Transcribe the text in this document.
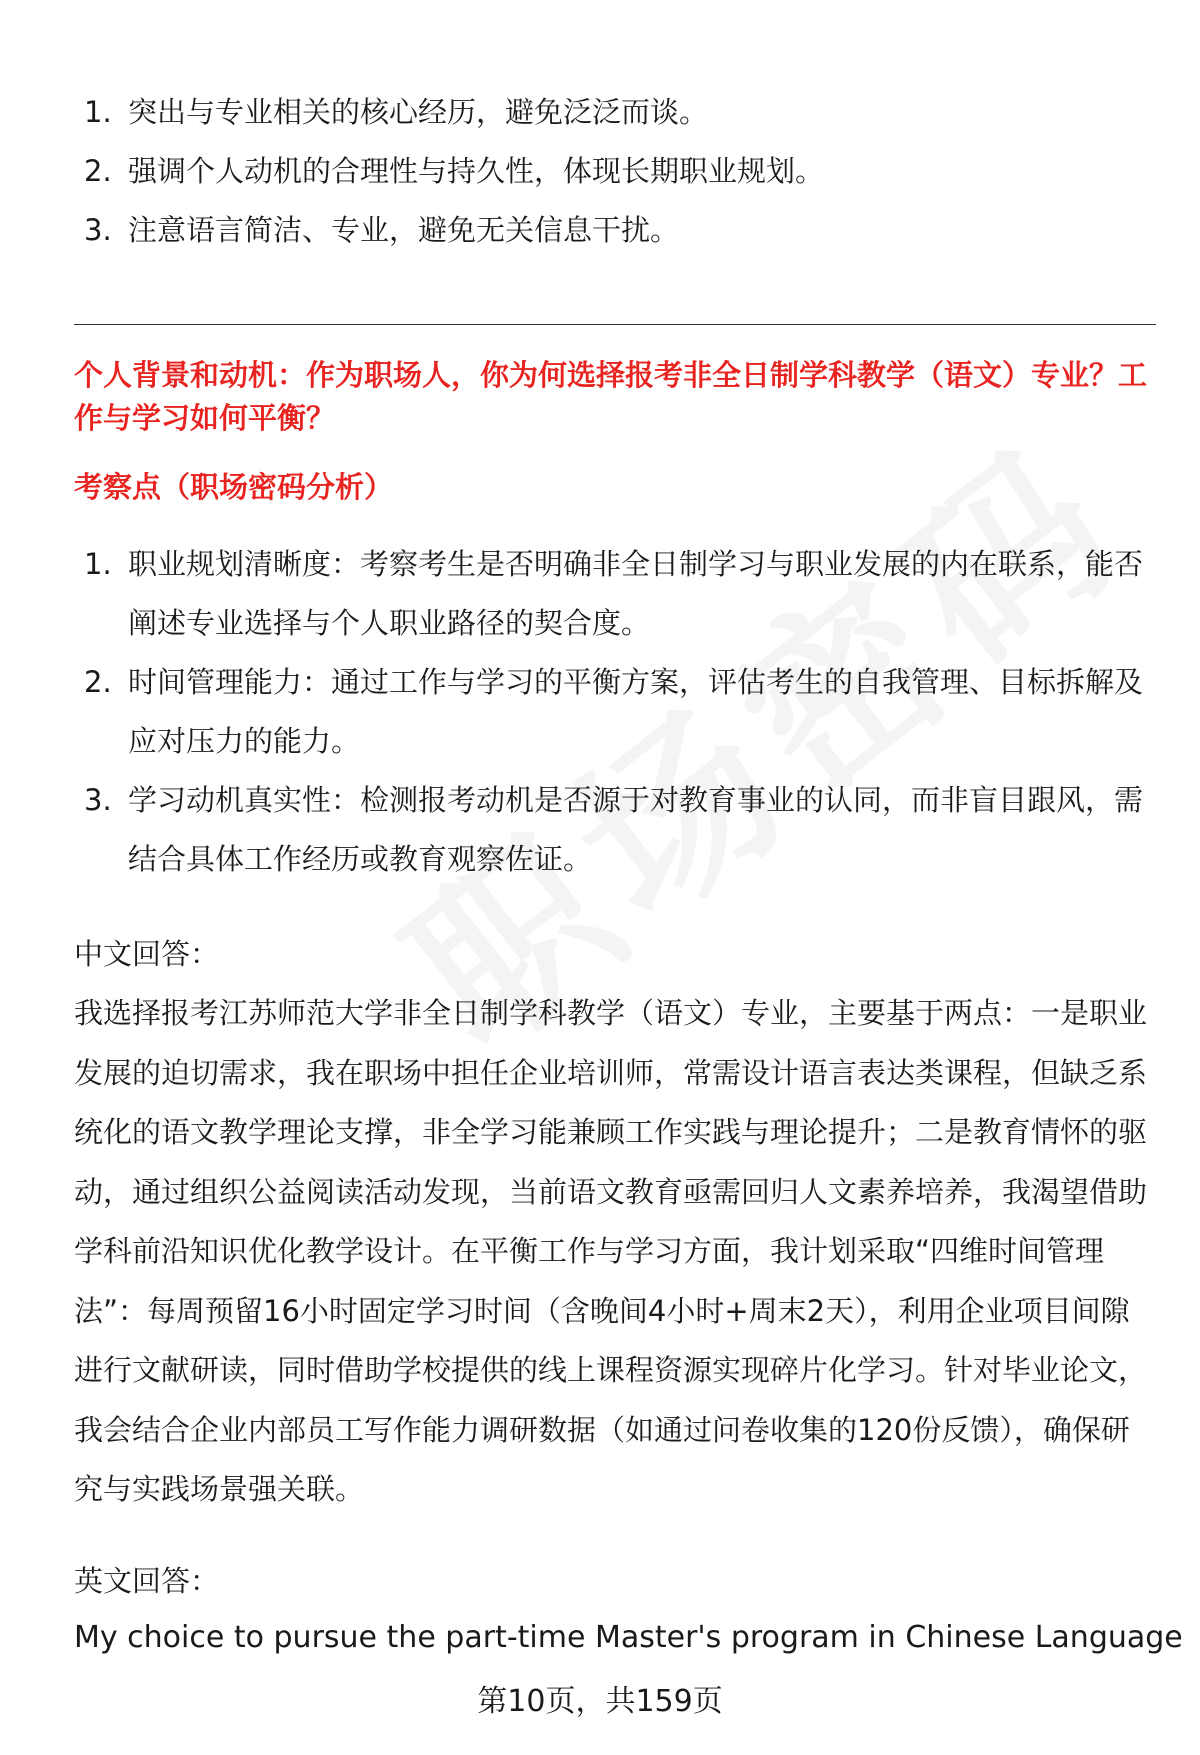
1. 突出与专业相关的核心经历，避免泛泛而谈。
2. 强调个人动机的合理性与持久性，体现长期职业规划。
3. 注意语言简洁、专业，避免无关信息干扰。

个人背景和动机：作为职场人，你为何选择报考非全日制学科教学（语文）专业？工作与学习如何平衡？

考察点（职场密码分析）

1. 职业规划清晰度：考察考生是否明确非全日制学习与职业发展的内在联系，能否阐述专业选择与个人职业路径的契合度。
2. 时间管理能力：通过工作与学习的平衡方案，评估考生的自我管理、目标拆解及应对压力的能力。
3. 学习动机真实性：检测报考动机是否源于对教育事业的认同，而非盲目跟风，需结合具体工作经历或教育观察佐证。

中文回答：

我选择报考江苏师范大学非全日制学科教学（语文）专业，主要基于两点：一是职业发展的迫切需求，我在职场中担任企业培训师，常需设计语言表达类课程，但缺乏系统化的语文教学理论支撑，非全学习能兼顾工作实践与理论提升；二是教育情怀的驱动，通过组织公益阅读活动发现，当前语文教育亟需回归人文素养培养，我渴望借助学科前沿知识优化教学设计。在平衡工作与学习方面，我计划采取“四维时间管理法”：每周预留16小时固定学习时间（含晚间4小时+周末2天），利用企业项目间隙进行文献研读，同时借助学校提供的线上课程资源实现碎片化学习。针对毕业论文，我会结合企业内部员工写作能力调研数据（如通过问卷收集的120份反馈），确保研究与实践场景强关联。

英文回答：

My choice to pursue the part-time Master's program in Chinese Language

第10页，共159页
